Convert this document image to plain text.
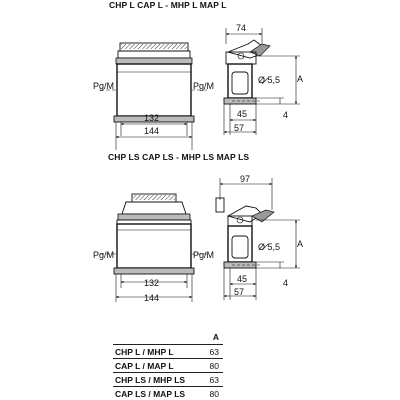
CHP L CAP L - MHP L MAP L
CHP LS CAP LS - MHP LS MAP LS
Pg/M	Pg/M
132
144
74
Ø 5,5 A
4
45
57
Pg/M	Pg/M
132
144
97
Ø 5,5 A
4
45
57
A
CHP L / MHP L	63
CAP L / MAP L	80
CHP LS / MHP LS	63
CAP LS / MAP LS	80
